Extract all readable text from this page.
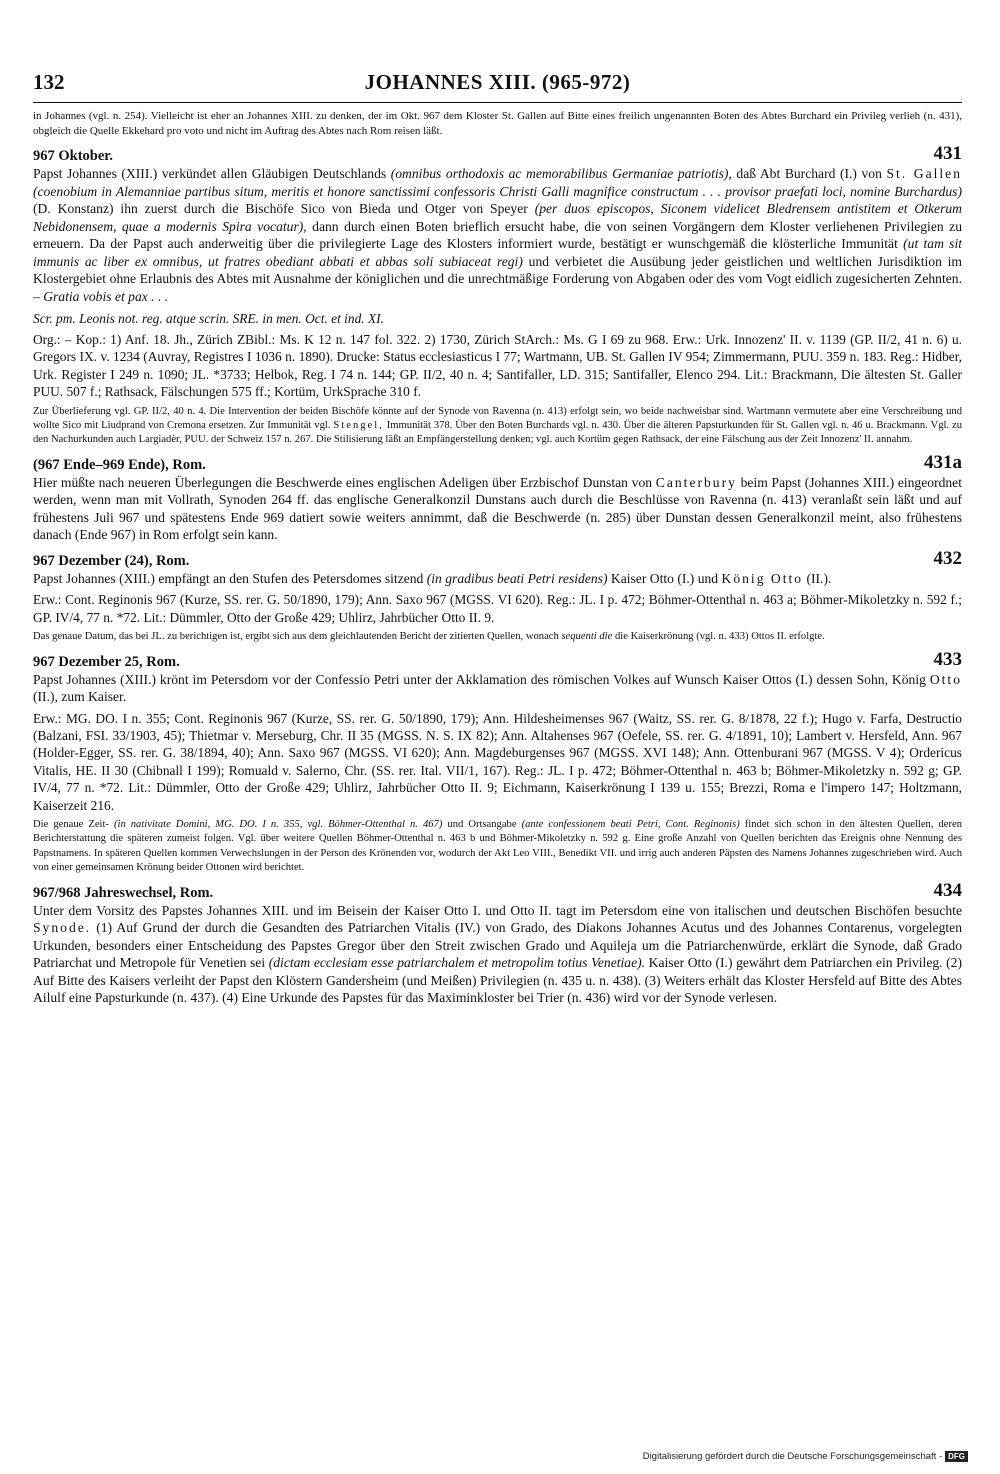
132	JOHANNES XIII. (965-972)

in Johannes (vgl. n. 254). Vielleicht ist eher an Johannes XIII. zu denken, der im Okt. 967 dem Kloster St. Gallen auf Bitte eines freilich ungenannten Boten des Abtes Burchard ein Privileg verlieh (n. 431), obgleich die Quelle Ekkehard pro voto und nicht im Auftrag des Abtes nach Rom reisen läßt.

967 Oktober.	431

Papst Johannes (XIII.) verkündet allen Gläubigen Deutschlands (omnibus orthodoxis ac memorabilibus Germaniae patriotis), daß Abt Burchard (I.) von St. Gallen (coenobium in Alemanniae partibus situm, meritis et honore sanctissimi confessoris Christi Galli magnifice constructum . . . provisor praefati loci, nomine Burchardus) (D. Konstanz) ihn zuerst durch die Bischöfe Sico von Bieda und Otger von Speyer (per duos episcopos, Siconem videlicet Bledrensem antistitem et Otkerum Nebidonensem, quae a modernis Spira vocatur), dann durch einen Boten brieflich ersucht habe, die von seinen Vorgängern dem Kloster verliehenen Privilegien zu erneuern. Da der Papst auch anderweitig über die privilegierte Lage des Klosters informiert wurde, bestätigt er wunschgemäß die klösterliche Immunität (ut tam sit immunis ac liber ex omnibus, ut fratres obediant abbati et abbas soli subiaceat regi) und verbietet die Ausübung jeder geistlichen und weltlichen Jurisdiktion im Klostergebiet ohne Erlaubnis des Abtes mit Ausnahme der königlichen und die unrechtmäßige Forderung von Abgaben oder des vom Vogt eidlich zugesicherten Zehnten. – Gratia vobis et pax . . .

Scr. pm. Leonis not. reg. atque scrin. SRE. in men. Oct. et ind. XI.

Org.: – Kop.: 1) Anf. 18. Jh., Zürich ZBibl.: Ms. K 12 n. 147 fol. 322. 2) 1730, Zürich StArch.: Ms. G I 69 zu 968. Erw.: Urk. Innozenz' II. v. 1139 (GP. II/2, 41 n. 6) u. Gregors IX. v. 1234 (Auvray, Registres I 1036 n. 1890). Drucke: Status ecclesiasticus I 77; Wartmann, UB. St. Gallen IV 954; Zimmermann, PUU. 359 n. 183. Reg.: Hidber, Urk. Register I 249 n. 1090; JL. *3733; Helbok, Reg. I 74 n. 144; GP. II/2, 40 n. 4; Santifaller, LD. 315; Santifaller, Elenco 294. Lit.: Brackmann, Die ältesten St. Galler PUU. 507 f.; Rathsack, Fälschungen 575 ff.; Kortüm, UrkSprache 310 f.

Zur Überlieferung vgl. GP. II/2, 40 n. 4. Die Intervention der beiden Bischöfe könnte auf der Synode von Ravenna (n. 413) erfolgt sein, wo beide nachweisbar sind. Wartmann vermutete aber eine Verschreibung und wollte Sico mit Liudprand von Cremona ersetzen. Zur Immunität vgl. Stengel, Immunität 378. Über den Boten Burchards vgl. n. 430. Über die älteren Papsturkunden für St. Gallen vgl. n. 46 u. Brackmann. Vgl. zu den Nachurkunden auch Largiadèr, PUU. der Schweiz 157 n. 267. Die Stilisierung läßt an Empfängerstellung denken; vgl. auch Kortüm gegen Rathsack, der eine Fälschung aus der Zeit Innozenz' II. annahm.

(967 Ende–969 Ende), Rom.	431a

Hier müßte nach neueren Überlegungen die Beschwerde eines englischen Adeligen über Erzbischof Dunstan von Canterbury beim Papst (Johannes XIII.) eingeordnet werden, wenn man mit Vollrath, Synoden 264 ff. das englische Generalkonzil Dunstans auch durch die Beschlüsse von Ravenna (n. 413) veranlaßt sein läßt und auf frühestens Juli 967 und spätestens Ende 969 datiert sowie weiters annimmt, daß die Beschwerde (n. 285) über Dunstan dessen Generalkonzil meint, also frühestens danach (Ende 967) in Rom erfolgt sein kann.

967 Dezember (24), Rom.	432

Papst Johannes (XIII.) empfängt an den Stufen des Petersdomes sitzend (in gradibus beati Petri residens) Kaiser Otto (I.) und König Otto (II.).

Erw.: Cont. Reginonis 967 (Kurze, SS. rer. G. 50/1890, 179); Ann. Saxo 967 (MGSS. VI 620). Reg.: JL. I p. 472; Böhmer-Ottenthal n. 463 a; Böhmer-Mikoletzky n. 592 f.; GP. IV/4, 77 n. *72. Lit.: Dümmler, Otto der Große 429; Uhlirz, Jahrbücher Otto II. 9.

Das genaue Datum, das bei JL. zu berichtigen ist, ergibt sich aus dem gleichlautenden Bericht der zitierten Quellen, wonach sequenti die die Kaiserkrönung (vgl. n. 433) Ottos II. erfolgte.

967 Dezember 25, Rom.	433

Papst Johannes (XIII.) krönt im Petersdom vor der Confessio Petri unter der Akklamation des römischen Volkes auf Wunsch Kaiser Ottos (I.) dessen Sohn, König Otto (II.), zum Kaiser.

Erw.: MG. DO. I n. 355; Cont. Reginonis 967 (Kurze, SS. rer. G. 50/1890, 179); Ann. Hildesheimenses 967 (Waitz, SS. rer. G. 8/1878, 22 f.); Hugo v. Farfa, Destructio (Balzani, FSI. 33/1903, 45); Thietmar v. Merseburg, Chr. II 35 (MGSS. N. S. IX 82); Ann. Altahenses 967 (Oefele, SS. rer. G. 4/1891, 10); Lambert v. Hersfeld, Ann. 967 (Holder-Egger, SS. rer. G. 38/1894, 40); Ann. Saxo 967 (MGSS. VI 620); Ann. Magdeburgenses 967 (MGSS. XVI 148); Ann. Ottenburani 967 (MGSS. V 4); Ordericus Vitalis, HE. II 30 (Chibnall I 199); Romuald v. Salerno, Chr. (SS. rer. Ital. VII/1, 167). Reg.: JL. I p. 472; Böhmer-Ottenthal n. 463 b; Böhmer-Mikoletzky n. 592 g; GP. IV/4, 77 n. *72. Lit.: Dümmler, Otto der Große 429; Uhlirz, Jahrbücher Otto II. 9; Eichmann, Kaiserkrönung I 139 u. 155; Brezzi, Roma e l'impero 147; Holtzmann, Kaiserzeit 216.

Die genaue Zeit- (in nativitate Domini, MG. DO. I n. 355, vgl. Böhmer-Ottenthal n. 467) und Ortsangabe (ante confessionem beati Petri, Cont. Reginonis) findet sich schon in den ältesten Quellen, deren Berichterstattung die späteren zumeist folgen. Vgl. über weitere Quellen Böhmer-Ottenthal n. 463 b und Böhmer-Mikoletzky n. 592 g. Eine große Anzahl von Quellen berichten das Ereignis ohne Nennung des Papstnamens. In späteren Quellen kommen Verwechslungen in der Person des Krönenden vor, wodurch der Akt Leo VIII., Benedikt VII. und irrig auch anderen Päpsten des Namens Johannes zugeschrieben wird. Auch von einer gemeinsamen Krönung beider Ottonen wird berichtet.

967/968 Jahreswechsel, Rom.	434

Unter dem Vorsitz des Papstes Johannes XIII. und im Beisein der Kaiser Otto I. und Otto II. tagt im Petersdom eine von italischen und deutschen Bischöfen besuchte Synode. (1) Auf Grund der durch die Gesandten des Patriarchen Vitalis (IV.) von Grado, des Diakons Johannes Acutus und des Johannes Contarenus, vorgelegten Urkunden, besonders einer Entscheidung des Papstes Gregor über den Streit zwischen Grado und Aquileja um die Patriarchenwürde, erklärt die Synode, daß Grado Patriarchat und Metropole für Venetien sei (dictam ecclesiam esse patriarchalem et metropolim totius Venetiae). Kaiser Otto (I.) gewährt dem Patriarchen ein Privileg. (2) Auf Bitte des Kaisers verleiht der Papst den Klöstern Gandersheim (und Meißen) Privilegien (n. 435 u. n. 438). (3) Weiters erhält das Kloster Hersfeld auf Bitte des Abtes Ailulf eine Papsturkunde (n. 437). (4) Eine Urkunde des Papstes für das Maximinkloster bei Trier (n. 436) wird vor der Synode verlesen.

Digitalisierung gefördert durch die Deutsche Forschungsgemeinschaft - DFG
